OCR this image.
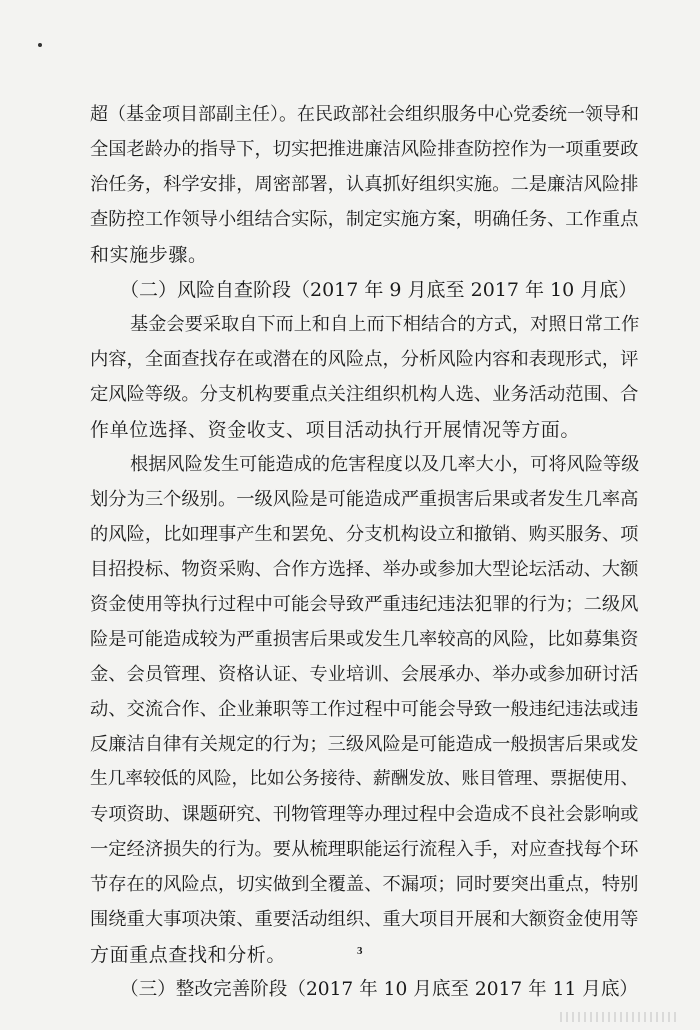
超（基金项目部副主任）。在民政部社会组织服务中心党委统一领导和
全国老龄办的指导下，切实把推进廉洁风险排查防控作为一项重要政
治任务，科学安排，周密部署，认真抓好组织实施。二是廉洁风险排
查防控工作领导小组结合实际，制定实施方案，明确任务、工作重点
和实施步骤。
（二）风险自查阶段（2017 年 9 月底至 2017 年 10 月底）
基金会要采取自下而上和自上而下相结合的方式，对照日常工作
内容，全面查找存在或潜在的风险点，分析风险内容和表现形式，评
定风险等级。分支机构要重点关注组织机构人选、业务活动范围、合
作单位选择、资金收支、项目活动执行开展情况等方面。
根据风险发生可能造成的危害程度以及几率大小，可将风险等级
划分为三个级别。一级风险是可能造成严重损害后果或者发生几率高
的风险，比如理事产生和罢免、分支机构设立和撤销、购买服务、项
目招投标、物资采购、合作方选择、举办或参加大型论坛活动、大额
资金使用等执行过程中可能会导致严重违纪违法犯罪的行为；二级风
险是可能造成较为严重损害后果或发生几率较高的风险，比如募集资
金、会员管理、资格认证、专业培训、会展承办、举办或参加研讨活
动、交流合作、企业兼职等工作过程中可能会导致一般违纪违法或违
反廉洁自律有关规定的行为；三级风险是可能造成一般损害后果或发
生几率较低的风险，比如公务接待、薪酬发放、账目管理、票据使用、
专项资助、课题研究、刊物管理等办理过程中会造成不良社会影响或
一定经济损失的行为。要从梳理职能运行流程入手，对应查找每个环
节存在的风险点，切实做到全覆盖、不漏项；同时要突出重点，特别
围绕重大事项决策、重要活动组织、重大项目开展和大额资金使用等
方面重点查找和分析。
（三）整改完善阶段（2017 年 10 月底至 2017 年 11 月底）
3
